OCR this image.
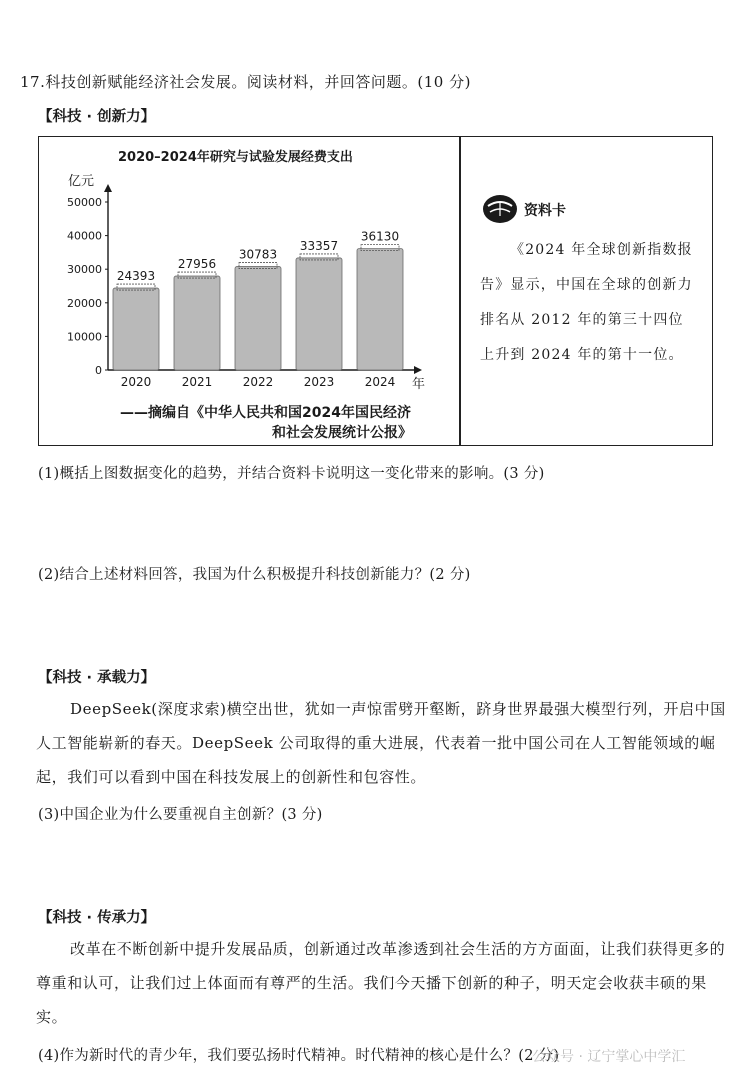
17.科技创新赋能经济社会发展。阅读材料，并回答问题。(10 分)
【科技 · 创新力】
2020–2024年研究与试验发展经费支出
亿元
年
0
10000
20000
30000
40000
50000
24393
2020
27956
2021
30783
2022
33357
2023
36130
2024
——摘编自《中华人民共和国2024年国民经济
和社会发展统计公报》
资料卡
《2024 年全球创新指数报告》显示，中国在全球的创新力排名从 2012 年的第三十四位上升到 2024 年的第十一位。
(1)概括上图数据变化的趋势，并结合资料卡说明这一变化带来的影响。(3 分)
(2)结合上述材料回答，我国为什么积极提升科技创新能力？(2 分)
【科技 · 承载力】
DeepSeek(深度求索)横空出世，犹如一声惊雷劈开壑断，跻身世界最强大模型行列，开启中国人工智能崭新的春天。DeepSeek 公司取得的重大进展，代表着一批中国公司在人工智能领域的崛起，我们可以看到中国在科技发展上的创新性和包容性。
(3)中国企业为什么要重视自主创新？(3 分)
【科技 · 传承力】
改革在不断创新中提升发展品质，创新通过改革渗透到社会生活的方方面面，让我们获得更多的尊重和认可，让我们过上体面而有尊严的生活。我们今天播下创新的种子，明天定会收获丰硕的果实。
(4)作为新时代的青少年，我们要弘扬时代精神。时代精神的核心是什么？(2 分)
公众号 · 辽宁掌心中学汇
